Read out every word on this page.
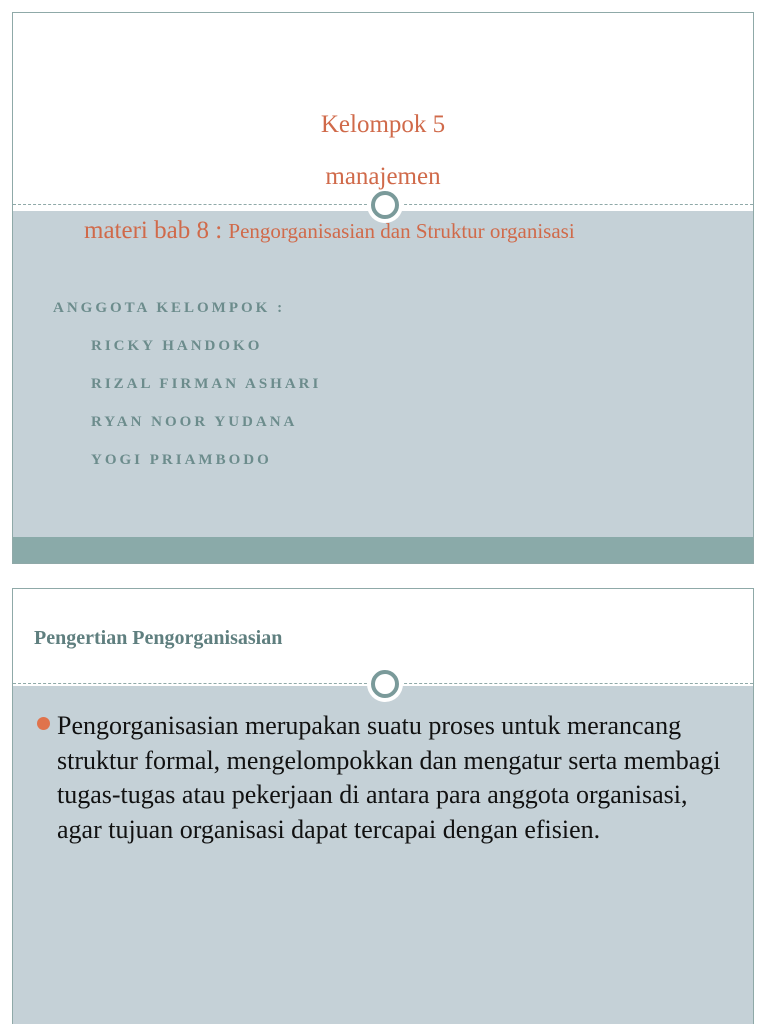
Kelompok 5
manajemen
materi bab 8 : Pengorganisasian dan Struktur organisasi
ANGGOTA KELOMPOK :
RICKY HANDOKO
RIZAL FIRMAN ASHARI
RYAN NOOR YUDANA
YOGI PRIAMBODO
Pengertian Pengorganisasian
Pengorganisasian merupakan suatu proses untuk merancang struktur formal, mengelompokkan dan mengatur serta membagi tugas-tugas atau pekerjaan di antara para anggota organisasi, agar tujuan organisasi dapat tercapai dengan efisien.
